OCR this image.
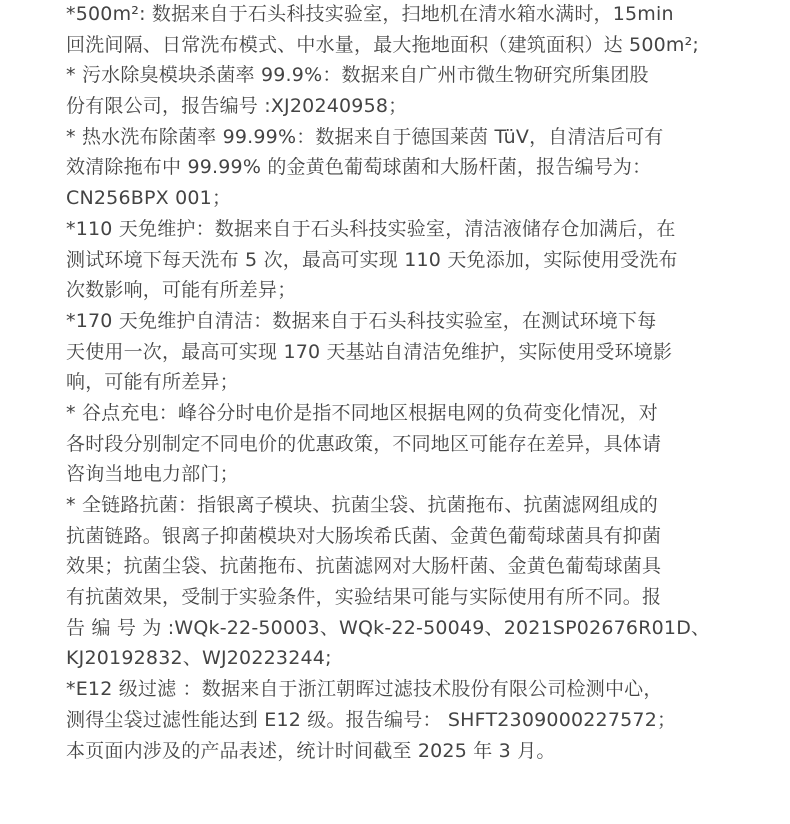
*500m²: 数据来自于石头科技实验室，扫地机在清水箱水满时，15min
回洗间隔、日常洗布模式、中水量，最大拖地面积（建筑面积）达 500m²;
* 污水除臭模块杀菌率 99.9%：数据来自广州市微生物研究所集团股
份有限公司，报告编号 :XJ20240958；
* 热水洗布除菌率 99.99%：数据来自于德国莱茵 TüV，自清洁后可有
效清除拖布中 99.99% 的金黄色葡萄球菌和大肠杆菌，报告编号为：
CN256BPX 001；
*110 天免维护：数据来自于石头科技实验室，清洁液储存仓加满后，在
测试环境下每天洗布 5 次，最高可实现 110 天免添加，实际使用受洗布
次数影响，可能有所差异；
*170 天免维护自清洁：数据来自于石头科技实验室，在测试环境下每
天使用一次，最高可实现 170 天基站自清洁免维护，实际使用受环境影
响，可能有所差异；
* 谷点充电：峰谷分时电价是指不同地区根据电网的负荷变化情况，对
各时段分别制定不同电价的优惠政策，不同地区可能存在差异，具体请
咨询当地电力部门；
* 全链路抗菌：指银离子模块、抗菌尘袋、抗菌拖布、抗菌滤网组成的
抗菌链路。银离子抑菌模块对大肠埃希氏菌、金黄色葡萄球菌具有抑菌
效果；抗菌尘袋、抗菌拖布、抗菌滤网对大肠杆菌、金黄色葡萄球菌具
有抗菌效果，受制于实验条件，实验结果可能与实际使用有所不同。报
告 编 号 为 :WQk-22-50003、WQk-22-50049、2021SP02676R01D、
KJ20192832、WJ20223244;
*E12 级过滤 ：数据来自于浙江朝晖过滤技术股份有限公司检测中心，
测得尘袋过滤性能达到 E12 级。报告编号： SHFT2309000227572；
本页面内涉及的产品表述，统计时间截至 2025 年 3 月。
